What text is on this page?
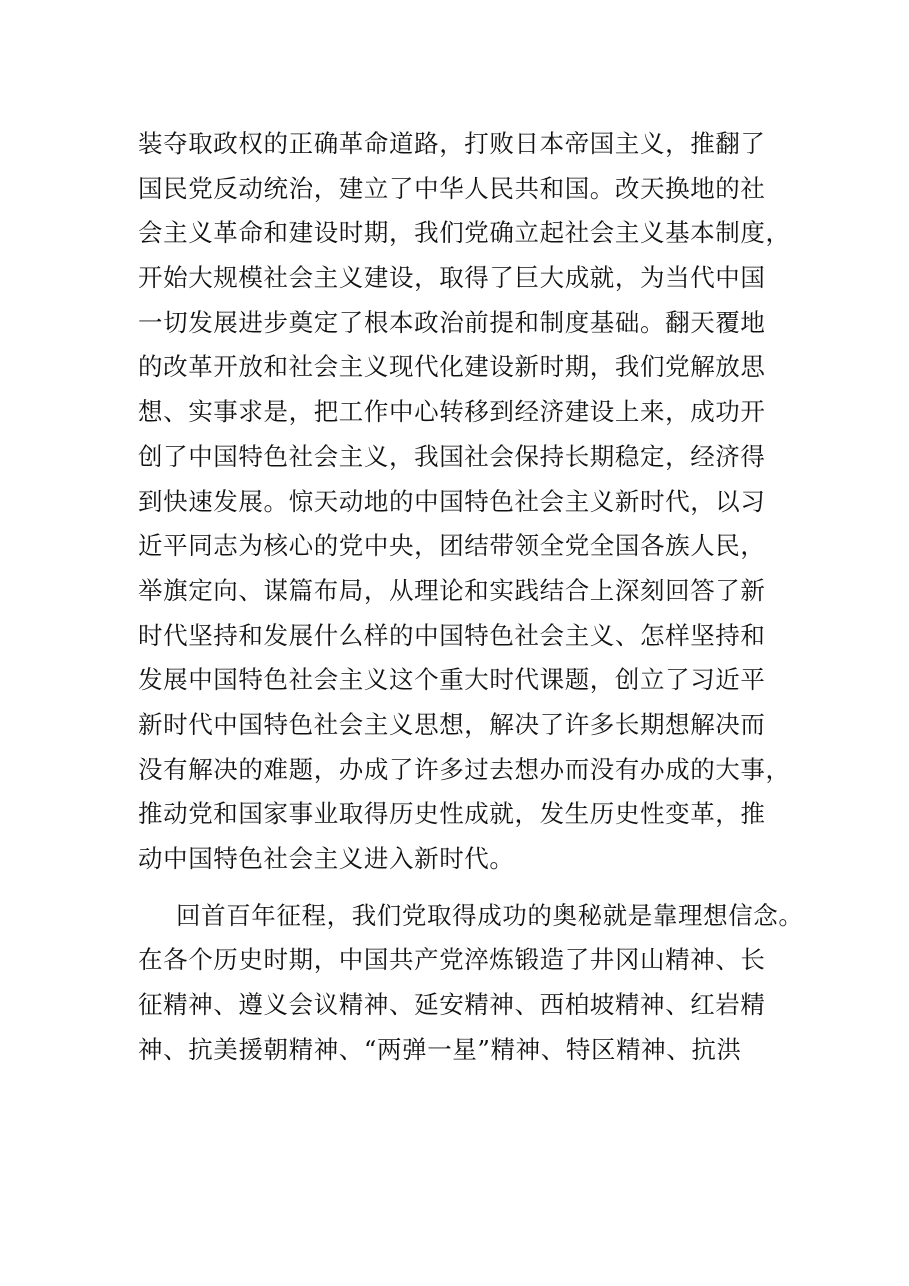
装夺取政权的正确革命道路，打败日本帝国主义，推翻了
国民党反动统治，建立了中华人民共和国。改天换地的社
会主义革命和建设时期，我们党确立起社会主义基本制度，
开始大规模社会主义建设，取得了巨大成就，为当代中国
一切发展进步奠定了根本政治前提和制度基础。翻天覆地
的改革开放和社会主义现代化建设新时期，我们党解放思
想、实事求是，把工作中心转移到经济建设上来，成功开
创了中国特色社会主义，我国社会保持长期稳定，经济得
到快速发展。惊天动地的中国特色社会主义新时代，以习
近平同志为核心的党中央，团结带领全党全国各族人民，
举旗定向、谋篇布局，从理论和实践结合上深刻回答了新
时代坚持和发展什么样的中国特色社会主义、怎样坚持和
发展中国特色社会主义这个重大时代课题，创立了习近平
新时代中国特色社会主义思想，解决了许多长期想解决而
没有解决的难题，办成了许多过去想办而没有办成的大事，
推动党和国家事业取得历史性成就，发生历史性变革，推
动中国特色社会主义进入新时代。
回首百年征程，我们党取得成功的奥秘就是靠理想信念。
在各个历史时期，中国共产党淬炼锻造了井冈山精神、长
征精神、遵义会议精神、延安精神、西柏坡精神、红岩精
神、抗美援朝精神、“两弹一星”精神、特区精神、抗洪
